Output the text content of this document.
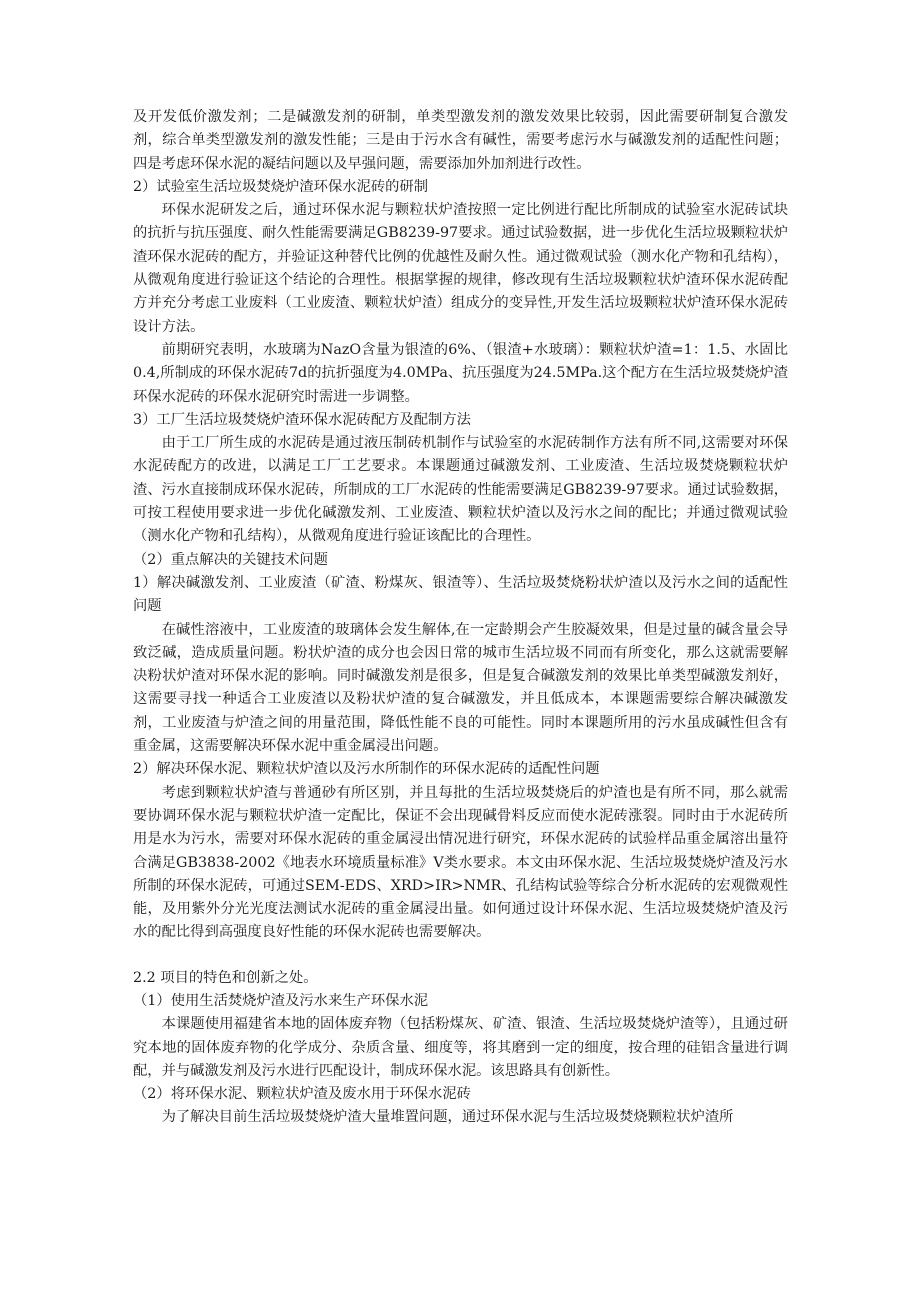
及开发低价激发剂；二是碱激发剂的研制，单类型激发剂的激发效果比较弱，因此需要研制复合激发剂，综合单类型激发剂的激发性能；三是由于污水含有碱性，需要考虑污水与碱激发剂的适配性问题；四是考虑环保水泥的凝结问题以及早强问题，需要添加外加剂进行改性。

2）试验室生活垃圾焚烧炉渣环保水泥砖的研制

环保水泥研发之后，通过环保水泥与颗粒状炉渣按照一定比例进行配比所制成的试验室水泥砖试块的抗折与抗压强度、耐久性能需要满足GB8239-97要求。通过试验数据，进一步优化生活垃圾颗粒状炉渣环保水泥砖的配方，并验证这种替代比例的优越性及耐久性。通过微观试验（测水化产物和孔结构），从微观角度进行验证这个结论的合理性。根据掌握的规律，修改现有生活垃圾颗粒状炉渣环保水泥砖配方并充分考虑工业废料（工业废渣、颗粒状炉渣）组成分的变异性,开发生活垃圾颗粒状炉渣环保水泥砖设计方法。

前期研究表明，水玻璃为NazO含量为银渣的6%、（银渣+水玻璃）：颗粒状炉渣=1：1.5、水固比0.4,所制成的环保水泥砖7d的抗折强度为4.0MPa、抗压强度为24.5MPa.这个配方在生活垃圾焚烧炉渣环保水泥砖的环保水泥研究时需进一步调整。

3）工厂生活垃圾焚烧炉渣环保水泥砖配方及配制方法

由于工厂所生成的水泥砖是通过液压制砖机制作与试验室的水泥砖制作方法有所不同,这需要对环保水泥砖配方的改进，以满足工厂工艺要求。本课题通过碱激发剂、工业废渣、生活垃圾焚烧颗粒状炉渣、污水直接制成环保水泥砖，所制成的工厂水泥砖的性能需要满足GB8239-97要求。通过试验数据，可按工程使用要求进一步优化碱激发剂、工业废渣、颗粒状炉渣以及污水之间的配比；并通过微观试验（测水化产物和孔结构），从微观角度进行验证该配比的合理性。

（2）重点解决的关键技术问题

1）解决碱激发剂、工业废渣（矿渣、粉煤灰、银渣等）、生活垃圾焚烧粉状炉渣以及污水之间的适配性问题

在碱性溶液中，工业废渣的玻璃体会发生解体,在一定龄期会产生胶凝效果，但是过量的碱含量会导致泛碱，造成质量问题。粉状炉渣的成分也会因日常的城市生活垃圾不同而有所变化，那么这就需要解决粉状炉渣对环保水泥的影响。同时碱激发剂是很多，但是复合碱激发剂的效果比单类型碱激发剂好，这需要寻找一种适合工业废渣以及粉状炉渣的复合碱激发，并且低成本，本课题需要综合解决碱激发剂，工业废渣与炉渣之间的用量范围，降低性能不良的可能性。同时本课题所用的污水虽成碱性但含有重金属，这需要解决环保水泥中重金属浸出问题。

2）解决环保水泥、颗粒状炉渣以及污水所制作的环保水泥砖的适配性问题

考虑到颗粒状炉渣与普通砂有所区别，并且每批的生活垃圾焚烧后的炉渣也是有所不同，那么就需要协调环保水泥与颗粒状炉渣一定配比，保证不会出现碱骨料反应而使水泥砖涨裂。同时由于水泥砖所用是水为污水，需要对环保水泥砖的重金属浸出情况进行研究，环保水泥砖的试验样品重金属溶出量符合满足GB3838-2002《地表水环境质量标准》V类水要求。本文由环保水泥、生活垃圾焚烧炉渣及污水所制的环保水泥砖，可通过SEM-EDS、XRD>IR>NMR、孔结构试验等综合分析水泥砖的宏观微观性能，及用紫外分光光度法测试水泥砖的重金属浸出量。如何通过设计环保水泥、生活垃圾焚烧炉渣及污水的配比得到高强度良好性能的环保水泥砖也需要解决。

2.2 项目的特色和创新之处。

（1）使用生活焚烧炉渣及污水来生产环保水泥

本课题使用福建省本地的固体废弃物（包括粉煤灰、矿渣、银渣、生活垃圾焚烧炉渣等），且通过研究本地的固体废弃物的化学成分、杂质含量、细度等，将其磨到一定的细度，按合理的硅铝含量进行调配，并与碱激发剂及污水进行匹配设计，制成环保水泥。该思路具有创新性。

（2）将环保水泥、颗粒状炉渣及废水用于环保水泥砖

为了解决目前生活垃圾焚烧炉渣大量堆置问题，通过环保水泥与生活垃圾焚烧颗粒状炉渣所
